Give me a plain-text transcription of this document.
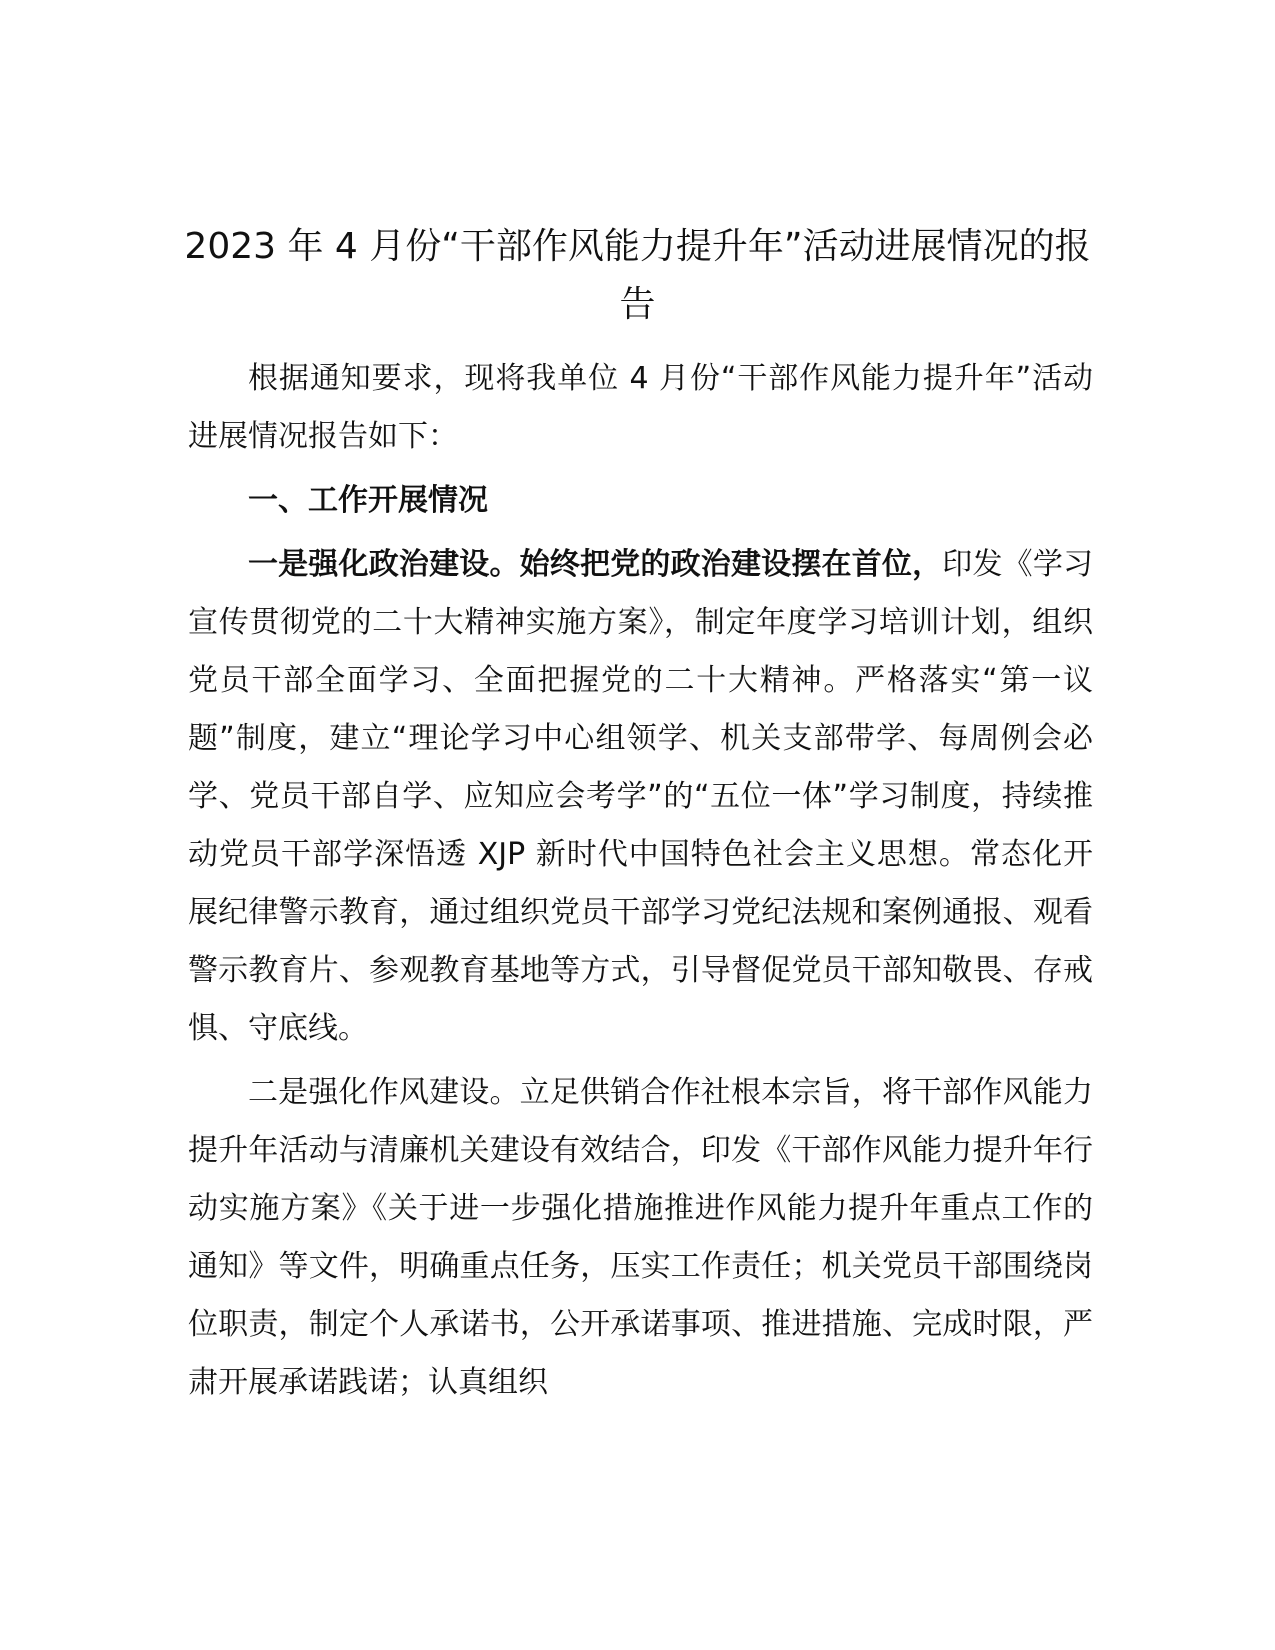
2023 年 4 月份“干部作风能力提升年”活动进展情况的报告

根据通知要求，现将我单位 4 月份“干部作风能力提升年”活动进展情况报告如下：

一、工作开展情况

一是强化政治建设。始终把党的政治建设摆在首位，印发《学习宣传贯彻党的二十大精神实施方案》，制定年度学习培训计划，组织党员干部全面学习、全面把握党的二十大精神。严格落实“第一议题”制度，建立“理论学习中心组领学、机关支部带学、每周例会必学、党员干部自学、应知应会考学”的“五位一体”学习制度，持续推动党员干部学深悟透 XJP 新时代中国特色社会主义思想。常态化开展纪律警示教育，通过组织党员干部学习党纪法规和案例通报、观看警示教育片、参观教育基地等方式，引导督促党员干部知敬畏、存戒惧、守底线。

二是强化作风建设。立足供销合作社根本宗旨，将干部作风能力提升年活动与清廉机关建设有效结合，印发《干部作风能力提升年行动实施方案》《关于进一步强化措施推进作风能力提升年重点工作的通知》等文件，明确重点任务，压实工作责任；机关党员干部围绕岗位职责，制定个人承诺书，公开承诺事项、推进措施、完成时限，严肃开展承诺践诺；认真组织
